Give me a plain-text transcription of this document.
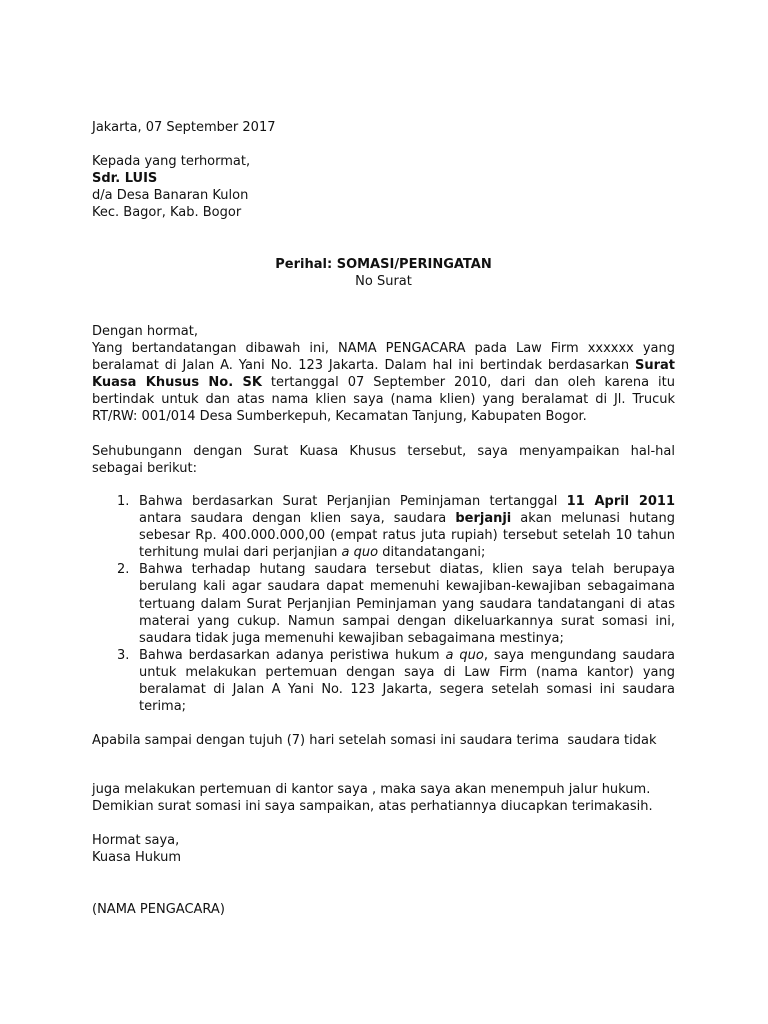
Jakarta, 07 September 2017
Kepada yang terhormat,
Sdr. LUIS
d/a Desa Banaran Kulon
Kec. Bagor, Kab. Bogor
Perihal: SOMASI/PERINGATAN
No Surat
Dengan hormat,
Yang bertandatangan dibawah ini, NAMA PENGACARA pada Law Firm xxxxxx yang
beralamat di Jalan A. Yani No. 123 Jakarta. Dalam hal ini bertindak berdasarkan Surat
Kuasa Khusus No. SK tertanggal 07 September 2010, dari dan oleh karena itu
bertindak untuk dan atas nama klien saya (nama klien) yang beralamat di Jl. Trucuk
RT/RW: 001/014 Desa Sumberkepuh, Kecamatan Tanjung, Kabupaten Bogor.
Sehubungann dengan Surat Kuasa Khusus tersebut, saya menyampaikan hal-hal
sebagai berikut:
1. Bahwa berdasarkan Surat Perjanjian Peminjaman tertanggal 11 April 2011
antara saudara dengan klien saya, saudara berjanji akan melunasi hutang
sebesar Rp. 400.000.000,00 (empat ratus juta rupiah) tersebut setelah 10 tahun
terhitung mulai dari perjanjian a quo ditandatangani;
2. Bahwa terhadap hutang saudara tersebut diatas, klien saya telah berupaya
berulang kali agar saudara dapat memenuhi kewajiban-kewajiban sebagaimana
tertuang dalam Surat Perjanjian Peminjaman yang saudara tandatangani di atas
materai yang cukup. Namun sampai dengan dikeluarkannya surat somasi ini,
saudara tidak juga memenuhi kewajiban sebagaimana mestinya;
3. Bahwa berdasarkan adanya peristiwa hukum a quo, saya mengundang saudara
untuk melakukan pertemuan dengan saya di Law Firm (nama kantor) yang
beralamat di Jalan A Yani No. 123 Jakarta, segera setelah somasi ini saudara
terima;
Apabila sampai dengan tujuh (7) hari setelah somasi ini saudara terima  saudara tidak
juga melakukan pertemuan di kantor saya , maka saya akan menempuh jalur hukum.
Demikian surat somasi ini saya sampaikan, atas perhatiannya diucapkan terimakasih.
Hormat saya,
Kuasa Hukum
(NAMA PENGACARA)
